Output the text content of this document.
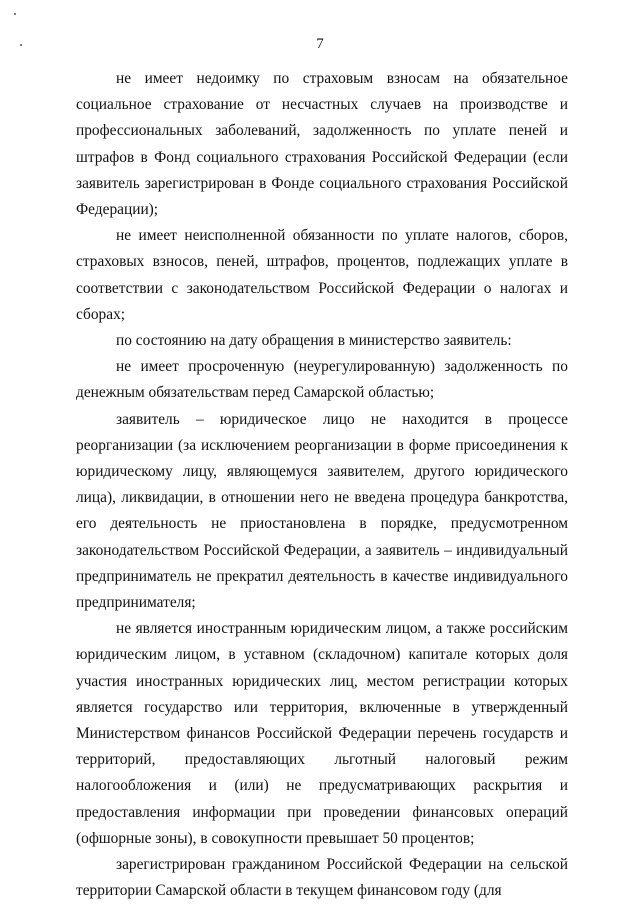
7

не имеет недоимку по страховым взносам на обязательное социальное страхование от несчастных случаев на производстве и профессиональных заболеваний, задолженность по уплате пеней и штрафов в Фонд социального страхования Российской Федерации (если заявитель зарегистрирован в Фонде социального страхования Российской Федерации);

не имеет неисполненной обязанности по уплате налогов, сборов, страховых взносов, пеней, штрафов, процентов, подлежащих уплате в соответствии с законодательством Российской Федерации о налогах и сборах;

по состоянию на дату обращения в министерство заявитель:

не имеет просроченную (неурегулированную) задолженность по денежным обязательствам перед Самарской областью;

заявитель – юридическое лицо не находится в процессе реорганизации (за исключением реорганизации в форме присоединения к юридическому лицу, являющемуся заявителем, другого юридического лица), ликвидации, в отношении него не введена процедура банкротства, его деятельность не приостановлена в порядке, предусмотренном законодательством Российской Федерации, а заявитель – индивидуальный предприниматель не прекратил деятельность в качестве индивидуального предпринимателя;

не является иностранным юридическим лицом, а также российским юридическим лицом, в уставном (складочном) капитале которых доля участия иностранных юридических лиц, местом регистрации которых является государство или территория, включенные в утвержденный Министерством финансов Российской Федерации перечень государств и территорий, предоставляющих льготный налоговый режим налогообложения и (или) не предусматривающих раскрытия и предоставления информации при проведении финансовых операций (офшорные зоны), в совокупности превышает 50 процентов;

зарегистрирован гражданином Российской Федерации на сельской территории Самарской области в текущем финансовом году (для
